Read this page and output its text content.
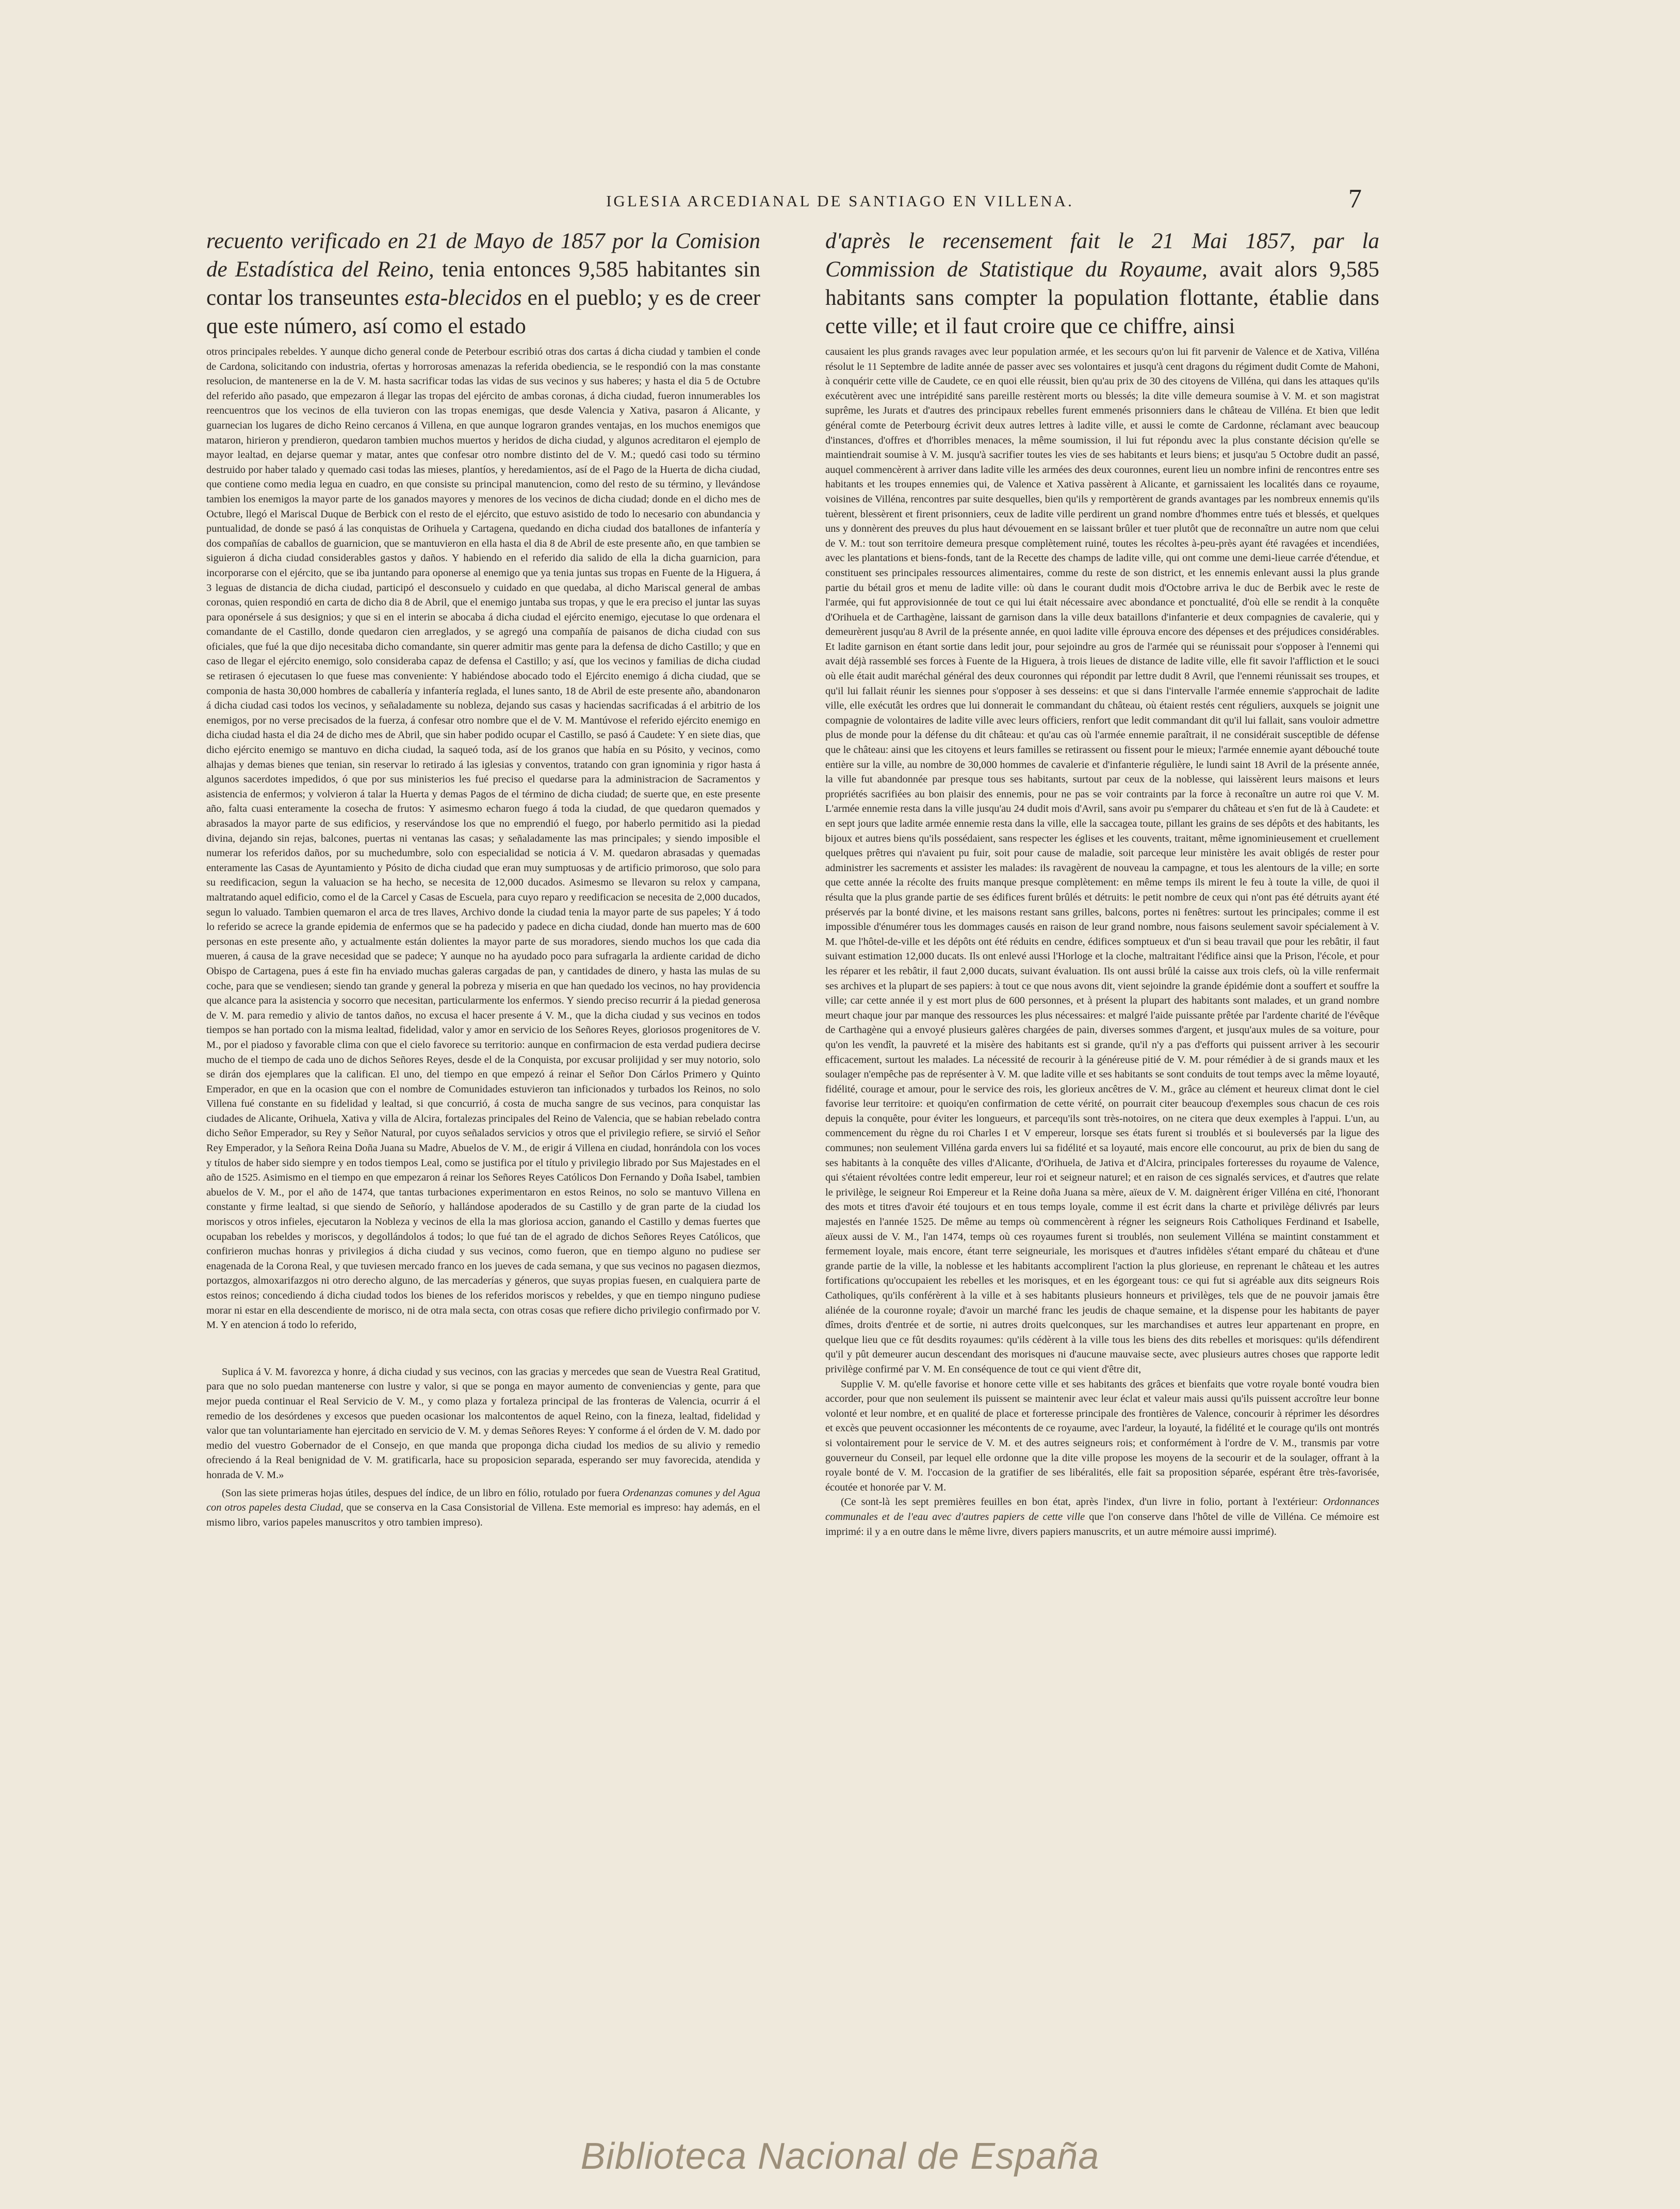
IGLESIA ARCEDIANAL DE SANTIAGO EN VILLENA.	7

recuento verificado en 21 de Mayo de 1857 por la Comision de Estadística del Reino, tenia entonces 9,585 habitantes sin contar los transeuntes esta-blecidos en el pueblo; y es de creer que este número, así como el estado

otros principales rebeldes. Y aunque dicho general conde de Peterbour escribió otras dos cartas á dicha ciudad y tambien el conde de Cardona, solicitando con industria, ofertas y horrorosas amenazas la referida obediencia, se le respondió con la mas constante resolucion, de mantenerse en la de V. M. hasta sacrificar todas las vidas de sus vecinos y sus haberes; y hasta el dia 5 de Octubre del referido año pasado, que empezaron á llegar las tropas del ejército de ambas coronas, á dicha ciudad, fueron innumerables los reencuentros que los vecinos de ella tuvieron con las tropas enemigas, que desde Valencia y Xativa, pasaron á Alicante, y guarnecian los lugares de dicho Reino cercanos á Villena, en que aunque lograron grandes ventajas, en los muchos enemigos que mataron, hirieron y prendieron, quedaron tambien muchos muertos y heridos de dicha ciudad, y algunos acreditaron el ejemplo de mayor lealtad, en dejarse quemar y matar, antes que confesar otro nombre distinto del de V. M.; quedó casi todo su término destruido por haber talado y quemado casi todas las mieses, plantíos, y heredamientos, así de el Pago de la Huerta de dicha ciudad, que contiene como media legua en cuadro, en que consiste su principal manutencion, como del resto de su término, y llevándose tambien los enemigos la mayor parte de los ganados mayores y menores de los vecinos de dicha ciudad; donde en el dicho mes de Octubre, llegó el Mariscal Duque de Berbick con el resto de el ejército, que estuvo asistido de todo lo necesario con abundancia y puntualidad, de donde se pasó á las conquistas de Orihuela y Cartagena, quedando en dicha ciudad dos batallones de infantería y dos compañías de caballos de guarnicion, que se mantuvieron en ella hasta el dia 8 de Abril de este presente año, en que tambien se siguieron á dicha ciudad considerables gastos y daños. Y habiendo en el referido dia salido de ella la dicha guarnicion, para incorporarse con el ejército, que se iba juntando para oponerse al enemigo que ya tenia juntas sus tropas en Fuente de la Higuera, á 3 leguas de distancia de dicha ciudad, participó el desconsuelo y cuidado en que quedaba, al dicho Mariscal general de ambas coronas, quien respondió en carta de dicho dia 8 de Abril, que el enemigo juntaba sus tropas, y que le era preciso el juntar las suyas para oponérsele á sus designios; y que si en el interin se abocaba á dicha ciudad el ejército enemigo, ejecutase lo que ordenara el comandante de el Castillo, donde quedaron cien arreglados, y se agregó una compañía de paisanos de dicha ciudad con sus oficiales, que fué la que dijo necesitaba dicho comandante, sin querer admitir mas gente para la defensa de dicho Castillo; y que en caso de llegar el ejército enemigo, solo consideraba capaz de defensa el Castillo; y así, que los vecinos y familias de dicha ciudad se retirasen ó ejecutasen lo que fuese mas conveniente: Y habiéndose abocado todo el Ejército enemigo á dicha ciudad, que se componia de hasta 30,000 hombres de caballería y infantería reglada, el lunes santo, 18 de Abril de este presente año, abandonaron á dicha ciudad casi todos los vecinos, y señaladamente su nobleza, dejando sus casas y haciendas sacrificadas á el arbitrio de los enemigos, por no verse precisados de la fuerza, á confesar otro nombre que el de V. M. Mantúvose el referido ejército enemigo en dicha ciudad hasta el dia 24 de dicho mes de Abril, que sin haber podido ocupar el Castillo, se pasó á Caudete: Y en siete dias, que dicho ejército enemigo se mantuvo en dicha ciudad, la saqueó toda, así de los granos que había en su Pósito, y vecinos, como alhajas y demas bienes que tenian, sin reservar lo retirado á las iglesias y conventos, tratando con gran ignominia y rigor hasta á algunos sacerdotes impedidos, ó que por sus ministerios les fué preciso el quedarse para la administracion de Sacramentos y asistencia de enfermos; y volvieron á talar la Huerta y demas Pagos de el término de dicha ciudad; de suerte que, en este presente año, falta cuasi enteramente la cosecha de frutos: Y asimesmo echaron fuego á toda la ciudad, de que quedaron quemados y abrasados la mayor parte de sus edificios, y reservándose los que no emprendió el fuego, por haberlo permitido asi la piedad divina, dejando sin rejas, balcones, puertas ni ventanas las casas; y señaladamente las mas principales; y siendo imposible el numerar los referidos daños, por su muchedumbre, solo con especialidad se noticia á V. M. quedaron abrasadas y quemadas enteramente las Casas de Ayuntamiento y Pósito de dicha ciudad que eran muy sumptuosas y de artificio primoroso, que solo para su reedificacion, segun la valuacion se ha hecho, se necesita de 12,000 ducados. Asimesmo se llevaron su relox y campana, maltratando aquel edificio, como el de la Carcel y Casas de Escuela, para cuyo reparo y reedificacion se necesita de 2,000 ducados, segun lo valuado. Tambien quemaron el arca de tres llaves, Archivo donde la ciudad tenia la mayor parte de sus papeles; Y á todo lo referido se acrece la grande epidemia de enfermos que se ha padecido y padece en dicha ciudad, donde han muerto mas de 600 personas en este presente año, y actualmente están dolientes la mayor parte de sus moradores, siendo muchos los que cada dia mueren, á causa de la grave necesidad que se padece; Y aunque no ha ayudado poco para sufragarla la ardiente caridad de dicho Obispo de Cartagena, pues á este fin ha enviado muchas galeras cargadas de pan, y cantidades de dinero, y hasta las mulas de su coche, para que se vendiesen; siendo tan grande y general la pobreza y miseria en que han quedado los vecinos, no hay providencia que alcance para la asistencia y socorro que necesitan, particularmente los enfermos. Y siendo preciso recurrir á la piedad generosa de V. M. para remedio y alivio de tantos daños, no excusa el hacer presente á V. M., que la dicha ciudad y sus vecinos en todos tiempos se han portado con la misma lealtad, fidelidad, valor y amor en servicio de los Señores Reyes, gloriosos progenitores de V. M., por el piadoso y favorable clima con que el cielo favorece su territorio: aunque en confirmacion de esta verdad pudiera decirse mucho de el tiempo de cada uno de dichos Señores Reyes, desde el de la Conquista, por excusar prolijidad y ser muy notorio, solo se dirán dos ejemplares que la califican. El uno, del tiempo en que empezó á reinar el Señor Don Cárlos Primero y Quinto Emperador, en que en la ocasion que con el nombre de Comunidades estuvieron tan inficionados y turbados los Reinos, no solo Villena fué constante en su fidelidad y lealtad, si que concurrió, á costa de mucha sangre de sus vecinos, para conquistar las ciudades de Alicante, Orihuela, Xativa y villa de Alcira, fortalezas principales del Reino de Valencia, que se habian rebelado contra dicho Señor Emperador, su Rey y Señor Natural, por cuyos señalados servicios y otros que el privilegio refiere, se sirvió el Señor Rey Emperador, y la Señora Reina Doña Juana su Madre, Abuelos de V. M., de erigir á Villena en ciudad, honrándola con los voces y títulos de haber sido siempre y en todos tiempos Leal, como se justifica por el título y privilegio librado por Sus Majestades en el año de 1525. Asimismo en el tiempo en que empezaron á reinar los Señores Reyes Católicos Don Fernando y Doña Isabel, tambien abuelos de V. M., por el año de 1474, que tantas turbaciones experimentaron en estos Reinos, no solo se mantuvo Villena en constante y firme lealtad, si que siendo de Señorío, y hallándose apoderados de su Castillo y de gran parte de la ciudad los moriscos y otros infieles, ejecutaron la Nobleza y vecinos de ella la mas gloriosa accion, ganando el Castillo y demas fuertes que ocupaban los rebeldes y moriscos, y degollándolos á todos; lo que fué tan de el agrado de dichos Señores Reyes Católicos, que confirieron muchas honras y privilegios á dicha ciudad y sus vecinos, como fueron, que en tiempo alguno no pudiese ser enagenada de la Corona Real, y que tuviesen mercado franco en los jueves de cada semana, y que sus vecinos no pagasen diezmos, portazgos, almoxarifazgos ni otro derecho alguno, de las mercaderías y géneros, que suyas propias fuesen, en cualquiera parte de estos reinos; concediendo á dicha ciudad todos los bienes de los referidos moriscos y rebeldes, y que en tiempo ninguno pudiese morar ni estar en ella descendiente de morisco, ni de otra mala secta, con otras cosas que refiere dicho privilegio confirmado por V. M. Y en atencion á todo lo referido,

Suplica á V. M. favorezca y honre, á dicha ciudad y sus vecinos, con las gracias y mercedes que sean de Vuestra Real Gratitud, para que no solo puedan mantenerse con lustre y valor, si que se ponga en mayor aumento de conveniencias y gente, para que mejor pueda continuar el Real Servicio de V. M., y como plaza y fortaleza principal de las fronteras de Valencia, ocurrir á el remedio de los desórdenes y excesos que pueden ocasionar los malcontentos de aquel Reino, con la fineza, lealtad, fidelidad y valor que tan voluntariamente han ejercitado en servicio de V. M. y demas Señores Reyes: Y conforme á el órden de V. M. dado por medio del vuestro Gobernador de el Consejo, en que manda que proponga dicha ciudad los medios de su alivio y remedio ofreciendo á la Real benignidad de V. M. gratificarla, hace su proposicion separada, esperando ser muy favorecida, atendida y honrada de V. M.»

(Son las siete primeras hojas útiles, despues del índice, de un libro en fólio, rotulado por fuera Ordenanzas comunes y del Agua con otros papeles desta Ciudad, que se conserva en la Casa Consistorial de Villena. Este memorial es impreso: hay además, en el mismo libro, varios papeles manuscritos y otro tambien impreso).

d'après le recensement fait le 21 Mai 1857, par la Commission de Statistique du Royaume, avait alors 9,585 habitants sans compter la population flottante, établie dans cette ville; et il faut croire que ce chiffre, ainsi

causaient les plus grands ravages avec leur population armée, et les secours qu'on lui fit parvenir de Valence et de Xativa, Villéna résolut le 11 Septembre de ladite année de passer avec ses volontaires et jusqu'à cent dragons du régiment dudit Comte de Mahoni, à conquérir cette ville de Caudete, ce en quoi elle réussit, bien qu'au prix de 30 des citoyens de Villéna, qui dans les attaques qu'ils exécutèrent avec une intrépidité sans pareille restèrent morts ou blessés; la dite ville demeura soumise à V. M. et son magistrat suprême, les Jurats et d'autres des principaux rebelles furent emmenés prisonniers dans le château de Villéna. Et bien que ledit général comte de Peterbourg écrivit deux autres lettres à ladite ville, et aussi le comte de Cardonne, réclamant avec beaucoup d'instances, d'offres et d'horribles menaces, la même soumission, il lui fut répondu avec la plus constante décision qu'elle se maintiendrait soumise à V. M. jusqu'à sacrifier toutes les vies de ses habitants et leurs biens; et jusqu'au 5 Octobre dudit an passé, auquel commencèrent à arriver dans ladite ville les armées des deux couronnes, eurent lieu un nombre infini de rencontres entre ses habitants et les troupes ennemies qui, de Valence et Xativa passèrent à Alicante, et garnissaient les localités dans ce royaume, voisines de Villéna, rencontres par suite desquelles, bien qu'ils y remportèrent de grands avantages par les nombreux ennemis qu'ils tuèrent, blessèrent et firent prisonniers, ceux de ladite ville perdirent un grand nombre d'hommes entre tués et blessés, et quelques uns y donnèrent des preuves du plus haut dévouement en se laissant brûler et tuer plutôt que de reconnaître un autre nom que celui de V. M.: tout son territoire demeura presque complètement ruiné, toutes les récoltes à-peu-près ayant été ravagées et incendiées, avec les plantations et biens-fonds, tant de la Recette des champs de ladite ville, qui ont comme une demi-lieue carrée d'étendue, et constituent ses principales ressources alimentaires, comme du reste de son district, et les ennemis enlevant aussi la plus grande partie du bétail gros et menu de ladite ville: où dans le courant dudit mois d'Octobre arriva le duc de Berbik avec le reste de l'armée, qui fut approvisionnée de tout ce qui lui était nécessaire avec abondance et ponctualité, d'où elle se rendit à la conquête d'Orihuela et de Carthagène, laissant de garnison dans la ville deux bataillons d'infanterie et deux compagnies de cavalerie, qui y demeurèrent jusqu'au 8 Avril de la présente année, en quoi ladite ville éprouva encore des dépenses et des préjudices considérables. Et ladite garnison en étant sortie dans ledit jour, pour sejoindre au gros de l'armée qui se réunissait pour s'opposer à l'ennemi qui avait déjà rassemblé ses forces à Fuente de la Higuera, à trois lieues de distance de ladite ville, elle fit savoir l'affliction et le souci où elle était audit maréchal général des deux couronnes qui répondit par lettre dudit 8 Avril, que l'ennemi réunissait ses troupes, et qu'il lui fallait réunir les siennes pour s'opposer à ses desseins: et que si dans l'intervalle l'armée ennemie s'approchait de ladite ville, elle exécutât les ordres que lui donnerait le commandant du château, où étaient restés cent réguliers, auxquels se joignit une compagnie de volontaires de ladite ville avec leurs officiers, renfort que ledit commandant dit qu'il lui fallait, sans vouloir admettre plus de monde pour la défense du dit château: et qu'au cas où l'armée ennemie paraîtrait, il ne considérait susceptible de défense que le château: ainsi que les citoyens et leurs familles se retirassent ou fissent pour le mieux; l'armée ennemie ayant débouché toute entière sur la ville, au nombre de 30,000 hommes de cavalerie et d'infanterie régulière, le lundi saint 18 Avril de la présente année, la ville fut abandonnée par presque tous ses habitants, surtout par ceux de la noblesse, qui laissèrent leurs maisons et leurs propriétés sacrifiées au bon plaisir des ennemis, pour ne pas se voir contraints par la force à reconaître un autre roi que V. M. L'armée ennemie resta dans la ville jusqu'au 24 dudit mois d'Avril, sans avoir pu s'emparer du château et s'en fut de là à Caudete: et en sept jours que ladite armée ennemie resta dans la ville, elle la saccagea toute, pillant les grains de ses dépôts et des habitants, les bijoux et autres biens qu'ils possédaient, sans respecter les églises et les couvents, traitant, même ignominieusement et cruellement quelques prêtres qui n'avaient pu fuir, soit pour cause de maladie, soit parceque leur ministère les avait obligés de rester pour administrer les sacrements et assister les malades: ils ravagèrent de nouveau la campagne, et tous les alentours de la ville; en sorte que cette année la récolte des fruits manque presque complètement: en même temps ils mirent le feu à toute la ville, de quoi il résulta que la plus grande partie de ses édifices furent brûlés et détruits: le petit nombre de ceux qui n'ont pas été détruits ayant été préservés par la bonté divine, et les maisons restant sans grilles, balcons, portes ni fenêtres: surtout les principales; comme il est impossible d'énumérer tous les dommages causés en raison de leur grand nombre, nous faisons seulement savoir spécialement à V. M. que l'hôtel-de-ville et les dépôts ont été réduits en cendre, édifices somptueux et d'un si beau travail que pour les rebâtir, il faut suivant estimation 12,000 ducats. Ils ont enlevé aussi l'Horloge et la cloche, maltraitant l'édifice ainsi que la Prison, l'école, et pour les réparer et les rebâtir, il faut 2,000 ducats, suivant évaluation. Ils ont aussi brûlé la caisse aux trois clefs, où la ville renfermait ses archives et la plupart de ses papiers: à tout ce que nous avons dit, vient sejoindre la grande épidémie dont a souffert et souffre la ville; car cette année il y est mort plus de 600 personnes, et à présent la plupart des habitants sont malades, et un grand nombre meurt chaque jour par manque des ressources les plus nécessaires: et malgré l'aide puissante prêtée par l'ardente charité de l'évêque de Carthagène qui a envoyé plusieurs galères chargées de pain, diverses sommes d'argent, et jusqu'aux mules de sa voiture, pour qu'on les vendît, la pauvreté et la misère des habitants est si grande, qu'il n'y a pas d'efforts qui puissent arriver à les secourir efficacement, surtout les malades. La nécessité de recourir à la généreuse pitié de V. M. pour rémédier à de si grands maux et les soulager n'empêche pas de représenter à V. M. que ladite ville et ses habitants se sont conduits de tout temps avec la même loyauté, fidélité, courage et amour, pour le service des rois, les glorieux ancêtres de V. M., grâce au clément et heureux climat dont le ciel favorise leur territoire: et quoiqu'en confirmation de cette vérité, on pourrait citer beaucoup d'exemples sous chacun de ces rois depuis la conquête, pour éviter les longueurs, et parcequ'ils sont très-notoires, on ne citera que deux exemples à l'appui. L'un, au commencement du règne du roi Charles I et V empereur, lorsque ses états furent si troublés et si bouleversés par la ligue des communes; non seulement Villéna garda envers lui sa fidélité et sa loyauté, mais encore elle concourut, au prix de bien du sang de ses habitants à la conquête des villes d'Alicante, d'Orihuela, de Jativa et d'Alcira, principales forteresses du royaume de Valence, qui s'étaient révoltées contre ledit empereur, leur roi et seigneur naturel; et en raison de ces signalés services, et d'autres que relate le privilège, le seigneur Roi Empereur et la Reine doña Juana sa mère, aïeux de V. M. daignèrent ériger Villéna en cité, l'honorant des mots et titres d'avoir été toujours et en tous temps loyale, comme il est écrit dans la charte et privilège délivrés par leurs majestés en l'année 1525. De même au temps où commencèrent à régner les seigneurs Rois Catholiques Ferdinand et Isabelle, aïeux aussi de V. M., l'an 1474, temps où ces royaumes furent si troublés, non seulement Villéna se maintint constamment et fermement loyale, mais encore, étant terre seigneuriale, les morisques et d'autres infidèles s'étant emparé du château et d'une grande partie de la ville, la noblesse et les habitants accomplirent l'action la plus glorieuse, en reprenant le château et les autres fortifications qu'occupaient les rebelles et les morisques, et en les égorgeant tous: ce qui fut si agréable aux dits seigneurs Rois Catholiques, qu'ils conférèrent à la ville et à ses habitants plusieurs honneurs et privilèges, tels que de ne pouvoir jamais être aliénée de la couronne royale; d'avoir un marché franc les jeudis de chaque semaine, et la dispense pour les habitants de payer dîmes, droits d'entrée et de sortie, ni autres droits quelconques, sur les marchandises et autres leur appartenant en propre, en quelque lieu que ce fût desdits royaumes: qu'ils cédèrent à la ville tous les biens des dits rebelles et morisques: qu'ils défendirent qu'il y pût demeurer aucun descendant des morisques ni d'aucune mauvaise secte, avec plusieurs autres choses que rapporte ledit privilège confirmé par V. M. En conséquence de tout ce qui vient d'être dit,

Supplie V. M. qu'elle favorise et honore cette ville et ses habitants des grâces et bienfaits que votre royale bonté voudra bien accorder, pour que non seulement ils puissent se maintenir avec leur éclat et valeur mais aussi qu'ils puissent accroître leur bonne volonté et leur nombre, et en qualité de place et forteresse principale des frontières de Valence, concourir à réprimer les désordres et excès que peuvent occasionner les mécontents de ce royaume, avec l'ardeur, la loyauté, la fidélité et le courage qu'ils ont montrés si volontairement pour le service de V. M. et des autres seigneurs rois; et conformément à l'ordre de V. M., transmis par votre gouverneur du Conseil, par lequel elle ordonne que la dite ville propose les moyens de la secourir et de la soulager, offrant à la royale bonté de V. M. l'occasion de la gratifier de ses libéralités, elle fait sa proposition séparée, espérant être très-favorisée, écoutée et honorée par V. M.

(Ce sont-là les sept premières feuilles en bon état, après l'index, d'un livre in folio, portant à l'extérieur: Ordonnances communales et de l'eau avec d'autres papiers de cette ville que l'on conserve dans l'hôtel de ville de Villéna. Ce mémoire est imprimé: il y a en outre dans le même livre, divers papiers manuscrits, et un autre mémoire aussi imprimé).

Biblioteca Nacional de España
